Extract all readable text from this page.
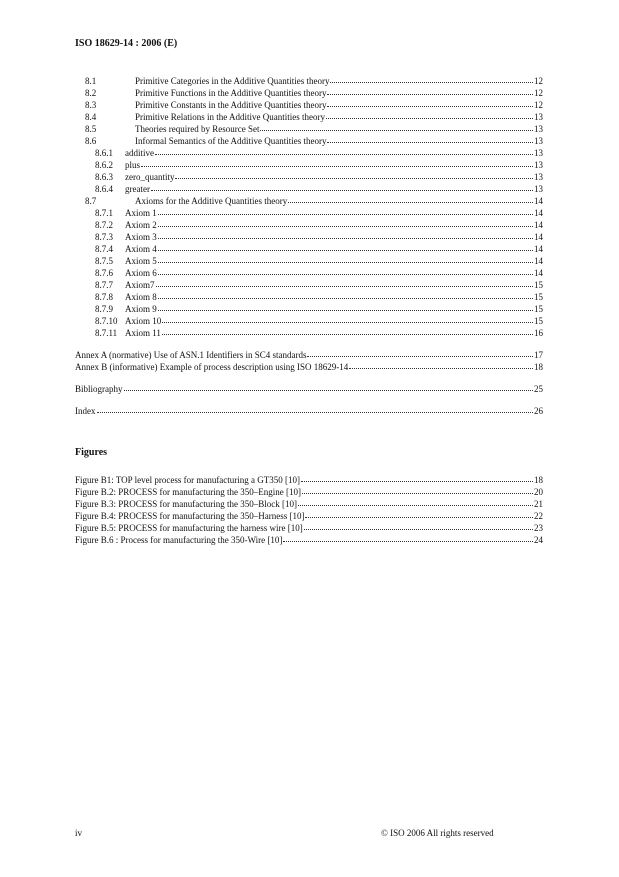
ISO 18629-14 : 2006 (E)
8.1	Primitive Categories in the Additive Quantities theory	12
8.2	Primitive Functions in the Additive Quantities theory	12
8.3	Primitive Constants in the Additive Quantities theory	12
8.4	Primitive Relations in the Additive Quantities theory	13
8.5	Theories required by Resource Set	13
8.6	Informal Semantics of the Additive Quantities theory	13
8.6.1	additive	13
8.6.2	plus	13
8.6.3	zero_quantity	13
8.6.4	greater	13
8.7	Axioms for the Additive Quantities theory	14
8.7.1	Axiom 1	14
8.7.2	Axiom 2	14
8.7.3	Axiom 3	14
8.7.4	Axiom 4	14
8.7.5	Axiom 5	14
8.7.6	Axiom 6	14
8.7.7	Axiom7	15
8.7.8	Axiom 8	15
8.7.9	Axiom 9	15
8.7.10 Axiom 10	15
8.7.11 Axiom 11	16
Annex A (normative) Use of ASN.1 Identifiers in SC4 standards	17
Annex B (informative) Example of process description using ISO 18629-14	18
Bibliography	25
Index	26
Figures
Figure B1: TOP level process for manufacturing a GT350 [10]	18
Figure B.2: PROCESS for manufacturing the 350–Engine [10]	20
Figure B.3: PROCESS for manufacturing the 350–Block [10]	21
Figure B.4: PROCESS for manufacturing the 350–Harness [10]	22
Figure B.5: PROCESS for manufacturing the harness wire [10]	23
Figure B.6 : Process for manufacturing the 350-Wire [10]	24
iv	© ISO 2006 All rights reserved
